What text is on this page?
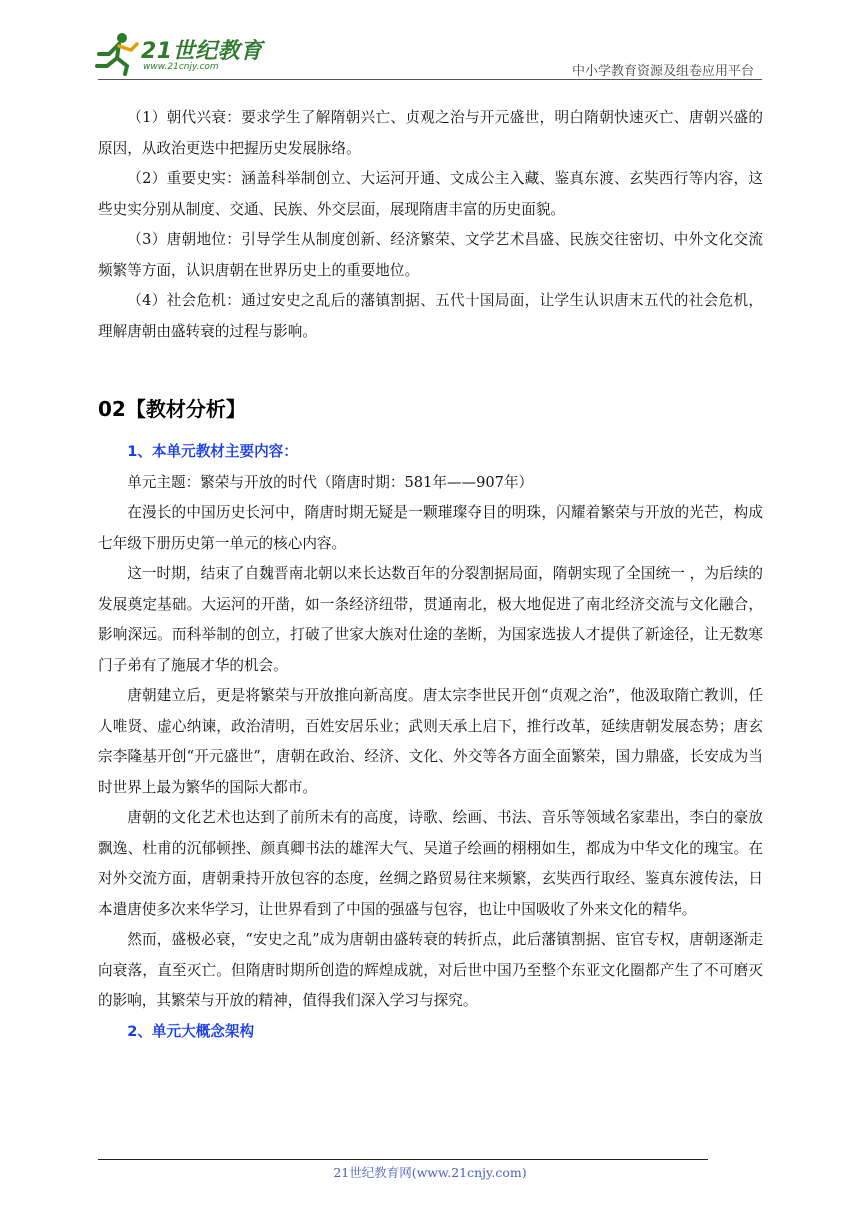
21世纪教育
www.21cnjy.com	中小学教育资源及组卷应用平台

（1）朝代兴衰：要求学生了解隋朝兴亡、贞观之治与开元盛世，明白隋朝快速灭亡、唐朝兴盛的原因，从政治更迭中把握历史发展脉络。

（2）重要史实：涵盖科举制创立、大运河开通、文成公主入藏、鉴真东渡、玄奘西行等内容，这些史实分别从制度、交通、民族、外交层面，展现隋唐丰富的历史面貌。

（3）唐朝地位：引导学生从制度创新、经济繁荣、文学艺术昌盛、民族交往密切、中外文化交流频繁等方面，认识唐朝在世界历史上的重要地位。

（4）社会危机：通过安史之乱后的藩镇割据、五代十国局面，让学生认识唐末五代的社会危机，理解唐朝由盛转衰的过程与影响。

02【教材分析】
1、本单元教材主要内容：

单元主题：繁荣与开放的时代（隋唐时期：581年——907年）

在漫长的中国历史长河中，隋唐时期无疑是一颗璀璨夺目的明珠，闪耀着繁荣与开放的光芒，构成七年级下册历史第一单元的核心内容。

这一时期，结束了自魏晋南北朝以来长达数百年的分裂割据局面，隋朝实现了全国统一 ，为后续的发展奠定基础。大运河的开凿，如一条经济纽带，贯通南北，极大地促进了南北经济交流与文化融合，影响深远。而科举制的创立，打破了世家大族对仕途的垄断，为国家选拔人才提供了新途径，让无数寒门子弟有了施展才华的机会。

唐朝建立后，更是将繁荣与开放推向新高度。唐太宗李世民开创“贞观之治”，他汲取隋亡教训，任人唯贤、虚心纳谏，政治清明，百姓安居乐业；武则天承上启下，推行改革，延续唐朝发展态势；唐玄宗李隆基开创“开元盛世”，唐朝在政治、经济、文化、外交等各方面全面繁荣，国力鼎盛，长安成为当时世界上最为繁华的国际大都市。

唐朝的文化艺术也达到了前所未有的高度，诗歌、绘画、书法、音乐等领域名家辈出，李白的豪放飘逸、杜甫的沉郁顿挫、颜真卿书法的雄浑大气、吴道子绘画的栩栩如生，都成为中华文化的瑰宝。在对外交流方面，唐朝秉持开放包容的态度，丝绸之路贸易往来频繁，玄奘西行取经、鉴真东渡传法，日本遣唐使多次来华学习，让世界看到了中国的强盛与包容，也让中国吸收了外来文化的精华。

然而，盛极必衰，“安史之乱”成为唐朝由盛转衰的转折点，此后藩镇割据、宦官专权，唐朝逐渐走向衰落，直至灭亡。但隋唐时期所创造的辉煌成就，对后世中国乃至整个东亚文化圈都产生了不可磨灭的影响，其繁荣与开放的精神，值得我们深入学习与探究。

2、单元大概念架构
21世纪教育网(www.21cnjy.com)
